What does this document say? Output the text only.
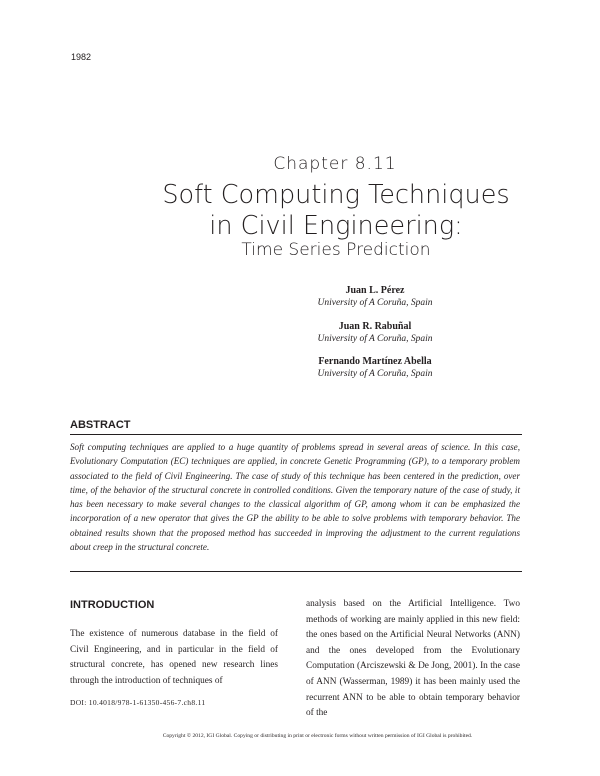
1982
Chapter 8.11
Soft Computing Techniques
in Civil Engineering:
Time Series Prediction
Juan L. Pérez
University of A Coruña, Spain
Juan R. Rabuñal
University of A Coruña, Spain
Fernando Martínez Abella
University of A Coruña, Spain
ABSTRACT
Soft computing techniques are applied to a huge quantity of problems spread in several areas of science. In this case, Evolutionary Computation (EC) techniques are applied, in concrete Genetic Programming (GP), to a temporary problem associated to the field of Civil Engineering. The case of study of this technique has been centered in the prediction, over time, of the behavior of the structural concrete in controlled conditions. Given the temporary nature of the case of study, it has been necessary to make several changes to the classical algorithm of GP, among whom it can be emphasized the incorporation of a new operator that gives the GP the ability to be able to solve problems with temporary behavior. The obtained results shown that the proposed method has succeeded in improving the adjustment to the current regulations about creep in the structural concrete.
INTRODUCTION
The existence of numerous database in the field of Civil Engineering, and in particular in the field of structural concrete, has opened new research lines through the introduction of techniques of
analysis based on the Artificial Intelligence. Two methods of working are mainly applied in this new field: the ones based on the Artificial Neural Networks (ANN) and the ones developed from the Evolutionary Computation (Arciszewski & De Jong, 2001). In the case of ANN (Wasserman, 1989) it has been mainly used the recurrent ANN to be able to obtain temporary behavior of the
DOI: 10.4018/978-1-61350-456-7.ch8.11
Copyright © 2012, IGI Global. Copying or distributing in print or electronic forms without written permission of IGI Global is prohibited.
